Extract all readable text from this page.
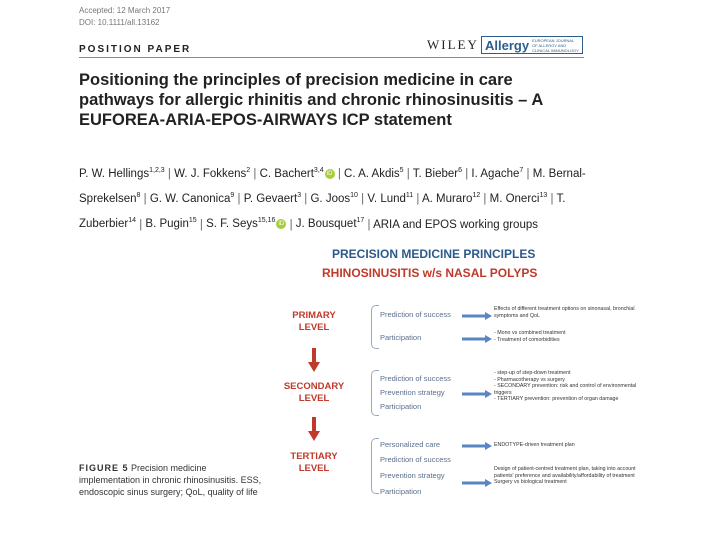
Accepted: 12 March 2017
DOI: 10.1111/all.13162
POSITION PAPER	WILEY Allergy EUROPEAN JOURNAL OF ALLERGY AND CLINICAL IMMUNOLOGY
Positioning the principles of precision medicine in care pathways for allergic rhinitis and chronic rhinosinusitis – A EUFOREA-ARIA-EPOS-AIRWAYS ICP statement
P. W. Hellings$^{1,2,3}$ | W. J. Fokkens$^2$ | C. Bachert$^{3,4}$ iD | C. A. Akdis$^5$ | T. Bieber$^6$ | I. Agache$^7$ | M. Bernal-Sprekelsen$^8$ | G. W. Canonica$^9$ | P. Gevaert$^3$ | G. Joos$^{10}$ | V. Lund$^{11}$ | A. Muraro$^{12}$ | M. Onerci$^{13}$ | T. Zuberbier$^{14}$ | B. Pugin$^{15}$ | S. F. Seys$^{15,16}$ iD | J. Bousquet$^{17}$ | ARIA and EPOS working groups
FIGURE 5 Precision medicine implementation in chronic rhinosinusitis. ESS, endoscopic sinus surgery; QoL, quality of life
PRECISION MEDICINE PRINCIPLES
RHINOSINUSITIS w/s NASAL POLYPS
PRIMARY LEVEL
SECONDARY LEVEL
TERTIARY LEVEL
Prediction of success
Participation
Prediction of success
Prevention strategy
Participation
Personalized care
Prediction of success
Prevention strategy
Participation
Effects of different treatment options on sinonasal, bronchial symptoms and QoL
- Mono vs combined treatment
- Treatment of comorbidities
- step-up of step-down treatment
- Pharmacotherapy vs surgery
- SECONDARY prevention: risk and control of environmental triggers
- TERTIARY prevention: prevention of organ damage
ENDOTYPE-driven treatment plan
Design of patient-centred treatment plan, taking into account patients' preference and availability/affordability of treatment Surgery vs biological treatment
